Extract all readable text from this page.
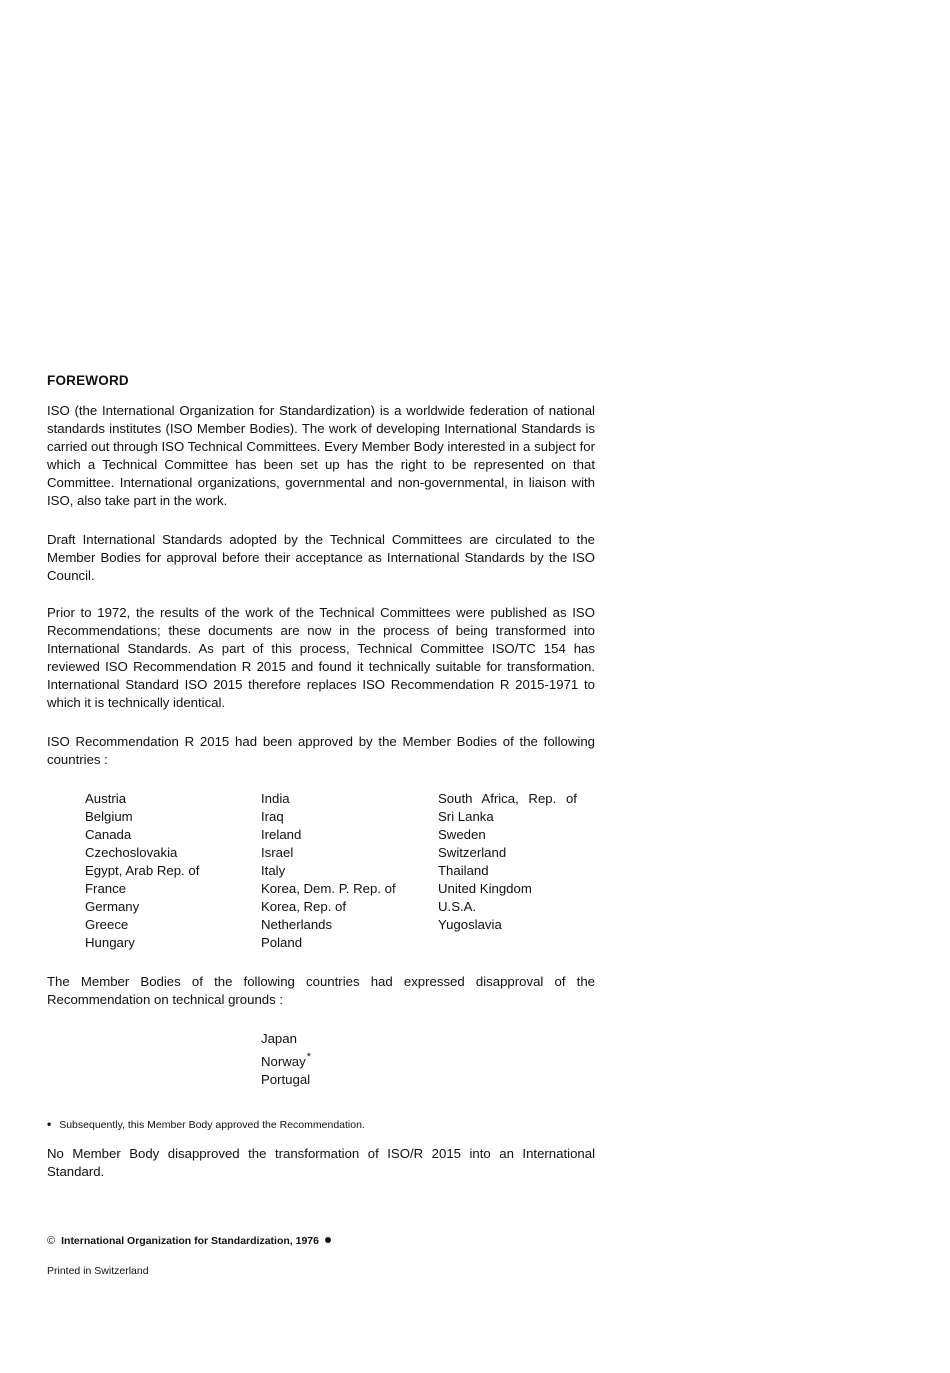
FOREWORD

ISO (the International Organization for Standardization) is a worldwide federation of national standards institutes (ISO Member Bodies). The work of developing International Standards is carried out through ISO Technical Committees. Every Member Body interested in a subject for which a Technical Committee has been set up has the right to be represented on that Committee. International organizations, governmental and non-governmental, in liaison with ISO, also take part in the work.

Draft International Standards adopted by the Technical Committees are circulated to the Member Bodies for approval before their acceptance as International Standards by the ISO Council.

Prior to 1972, the results of the work of the Technical Committees were published as ISO Recommendations; these documents are now in the process of being transformed into International Standards. As part of this process, Technical Committee ISO/TC 154 has reviewed ISO Recommendation R 2015 and found it technically suitable for transformation. International Standard ISO 2015 therefore replaces ISO Recommendation R 2015-1971 to which it is technically identical.

ISO Recommendation R 2015 had been approved by the Member Bodies of the following countries :

Austria
Belgium
Canada
Czechoslovakia
Egypt, Arab Rep. of
France
Germany
Greece
Hungary
India
Iraq
Ireland
Israel
Italy
Korea, Dem. P. Rep. of
Korea, Rep. of
Netherlands
Poland
South Africa, Rep. of
Sri Lanka
Sweden
Switzerland
Thailand
United Kingdom
U.S.A.
Yugoslavia

The Member Bodies of the following countries had expressed disapproval of the Recommendation on technical grounds :

Japan
Norway*
Portugal
• Subsequently, this Member Body approved the Recommendation.

No Member Body disapproved the transformation of ISO/R 2015 into an International Standard.

© International Organization for Standardization, 1976
Printed in Switzerland
